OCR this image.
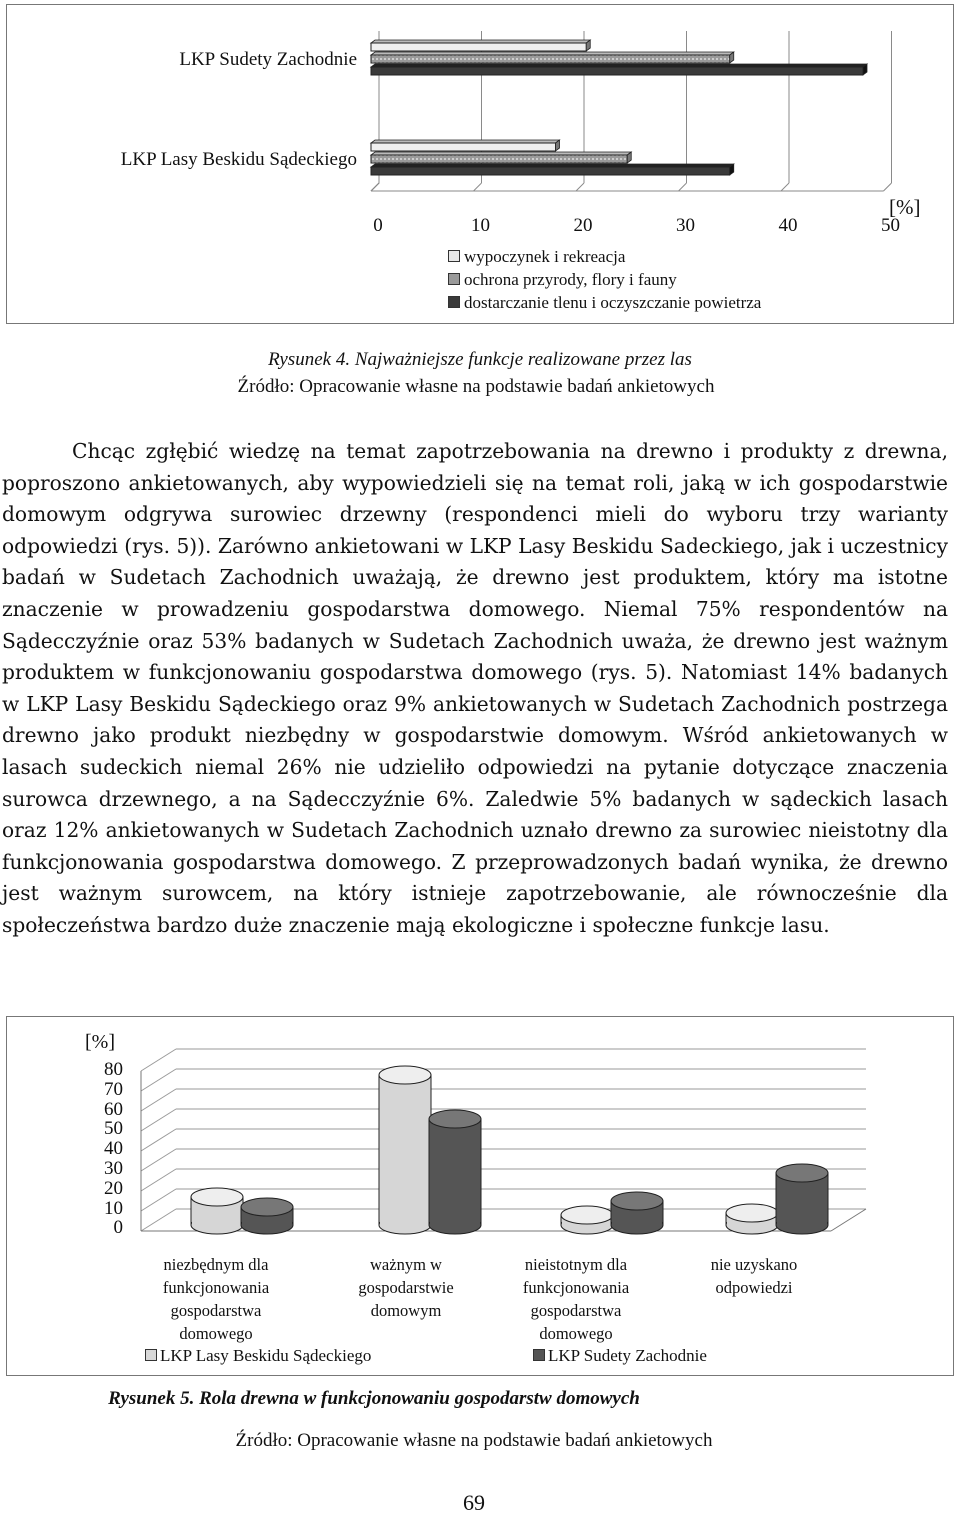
0	10	20	30	40	50
LKP Sudety Zachodnie
LKP Lasy Beskidu Sądeckiego
[%]
wypoczynek i rekreacja
ochrona przyrody, flory i fauny
dostarczanie tlenu i oczyszczanie powietrza
Rysunek 4. Najważniejsze funkcje realizowane przez las
Źródło: Opracowanie własne na podstawie badań ankietowych

Chcąc zgłębić wiedzę na temat zapotrzebowania na drewno i produkty z drewna, poproszono ankietowanych, aby wypowiedzieli się na temat roli, jaką w ich gospodarstwie domowym odgrywa surowiec drzewny (respondenci mieli do wyboru trzy warianty odpowiedzi (rys. 5)). Zarówno ankietowani w LKP Lasy Beskidu Sadeckiego, jak i uczestnicy badań w Sudetach Zachodnich uważają, że drewno jest produktem, który ma istotne znaczenie w prowadzeniu gospodarstwa domowego. Niemal 75% respondentów na Sądecczyźnie oraz 53% badanych w Sudetach Zachodnich uważa, że drewno jest ważnym produktem w funkcjonowaniu gospodarstwa domowego (rys. 5). Natomiast 14% badanych w LKP Lasy Beskidu Sądeckiego oraz 9% ankietowanych w Sudetach Zachodnich postrzega drewno jako produkt niezbędny w gospodarstwie domowym. Wśród ankietowanych w lasach sudeckich niemal 26% nie udzieliło odpowiedzi na pytanie dotyczące znaczenia surowca drzewnego, a na Sądecczyźnie 6%. Zaledwie 5% badanych w sądeckich lasach oraz 12% ankietowanych w Sudetach Zachodnich uznało drewno za surowiec nieistotny dla funkcjonowania gospodarstwa domowego. Z przeprowadzonych badań wynika, że drewno jest ważnym surowcem, na który istnieje zapotrzebowanie, ale równocześnie dla społeczeństwa bardzo duże znaczenie mają ekologiczne i społeczne funkcje lasu.

[%]
80
70
60
50
40
30
20
10
0
niezbędnym dla
funkcjonowania
gospodarstwa
domowego
ważnym w
gospodarstwie
domowym
nieistotnym dla
funkcjonowania
gospodarstwa
domowego
nie uzyskano
odpowiedzi
LKP Lasy Beskidu Sądeckiego	LKP Sudety Zachodnie
Rysunek 5. Rola drewna w funkcjonowaniu gospodarstw domowych
Źródło: Opracowanie własne na podstawie badań ankietowych
69
